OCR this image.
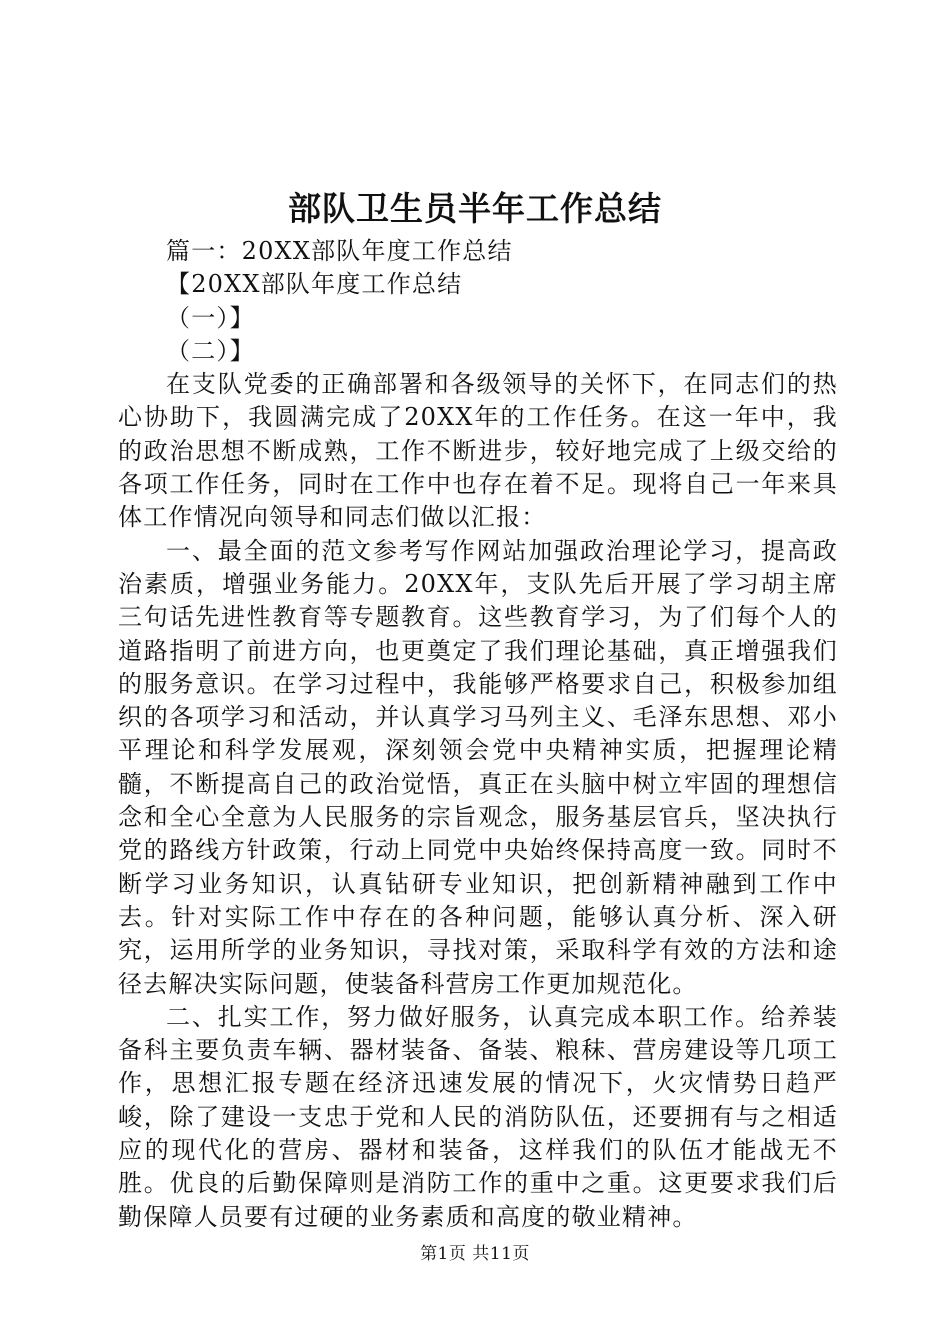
部队卫生员半年工作总结

篇一：20XX部队年度工作总结

【20XX部队年度工作总结

（一）】

（二）】

在支队党委的正确部署和各级领导的关怀下，在同志们的热心协助下，我圆满完成了20XX年的工作任务。在这一年中，我的政治思想不断成熟，工作不断进步，较好地完成了上级交给的各项工作任务，同时在工作中也存在着不足。现将自己一年来具体工作情况向领导和同志们做以汇报：

一、最全面的范文参考写作网站加强政治理论学习，提高政治素质，增强业务能力。20XX年，支队先后开展了学习胡主席三句话先进性教育等专题教育。这些教育学习，为了们每个人的道路指明了前进方向，也更奠定了我们理论基础，真正增强我们的服务意识。在学习过程中，我能够严格要求自己，积极参加组织的各项学习和活动，并认真学习马列主义、毛泽东思想、邓小平理论和科学发展观，深刻领会党中央精神实质，把握理论精髓，不断提高自己的政治觉悟，真正在头脑中树立牢固的理想信念和全心全意为人民服务的宗旨观念，服务基层官兵，坚决执行党的路线方针政策，行动上同党中央始终保持高度一致。同时不断学习业务知识，认真钻研专业知识，把创新精神融到工作中去。针对实际工作中存在的各种问题，能够认真分析、深入研究，运用所学的业务知识，寻找对策，采取科学有效的方法和途径去解决实际问题，使装备科营房工作更加规范化。

二、扎实工作，努力做好服务，认真完成本职工作。给养装备科主要负责车辆、器材装备、备装、粮秣、营房建设等几项工作，思想汇报专题在经济迅速发展的情况下，火灾情势日趋严峻，除了建设一支忠于党和人民的消防队伍，还要拥有与之相适应的现代化的营房、器材和装备，这样我们的队伍才能战无不胜。优良的后勤保障则是消防工作的重中之重。这更要求我们后勤保障人员要有过硬的业务素质和高度的敬业精神。

第1页 共11页
